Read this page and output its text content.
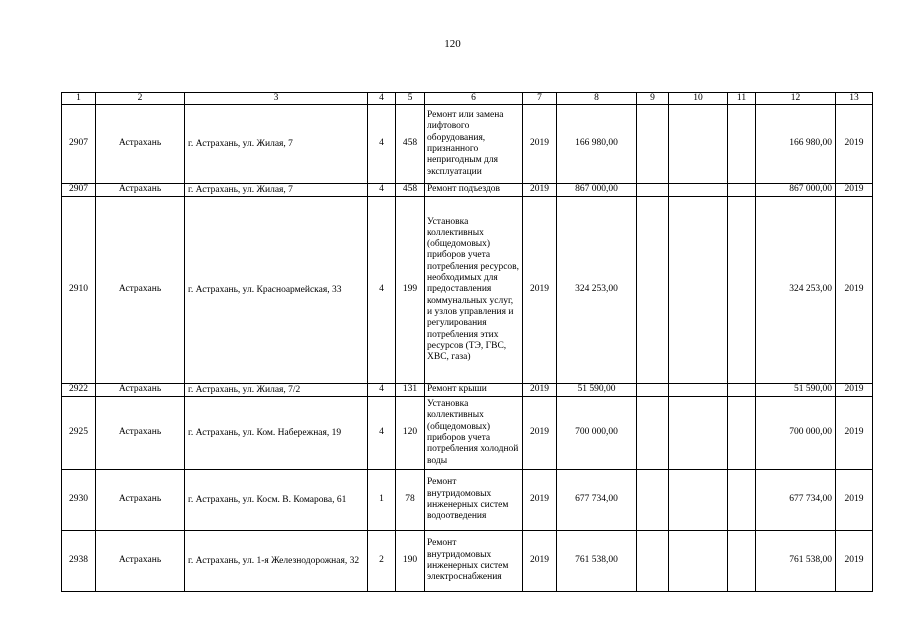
120
1	2	3	4	5	6	7	8	9	10	11	12	13
2907	Астрахань	г. Астрахань, ул. Жилая, 7	4	458	Ремонт или замена лифтового оборудования, признанного непригодным для эксплуатации	2019	166 980,00				166 980,00	2019
2907	Астрахань	г. Астрахань, ул. Жилая, 7	4	458	Ремонт подъездов	2019	867 000,00				867 000,00	2019
2910	Астрахань	г. Астрахань, ул. Красноармейская, 33	4	199	Установка коллективных (общедомовых) приборов учета потребления ресурсов, необходимых для предоставления коммунальных услуг, и узлов управления и регулирования потребления этих ресурсов (ТЭ, ГВС, ХВС, газа)	2019	324 253,00				324 253,00	2019
2922	Астрахань	г. Астрахань, ул. Жилая, 7/2	4	131	Ремонт крыши	2019	51 590,00				51 590,00	2019
2925	Астрахань	г. Астрахань, ул. Ком. Набережная, 19	4	120	Установка коллективных (общедомовых) приборов учета потребления холодной воды	2019	700 000,00				700 000,00	2019
2930	Астрахань	г. Астрахань, ул. Косм. В. Комарова, 61	1	78	Ремонт внутридомовых инженерных систем водоотведения	2019	677 734,00				677 734,00	2019
2938	Астрахань	г. Астрахань, ул. 1-я Железнодорожная, 32	2	190	Ремонт внутридомовых инженерных систем электроснабжения	2019	761 538,00				761 538,00	2019
